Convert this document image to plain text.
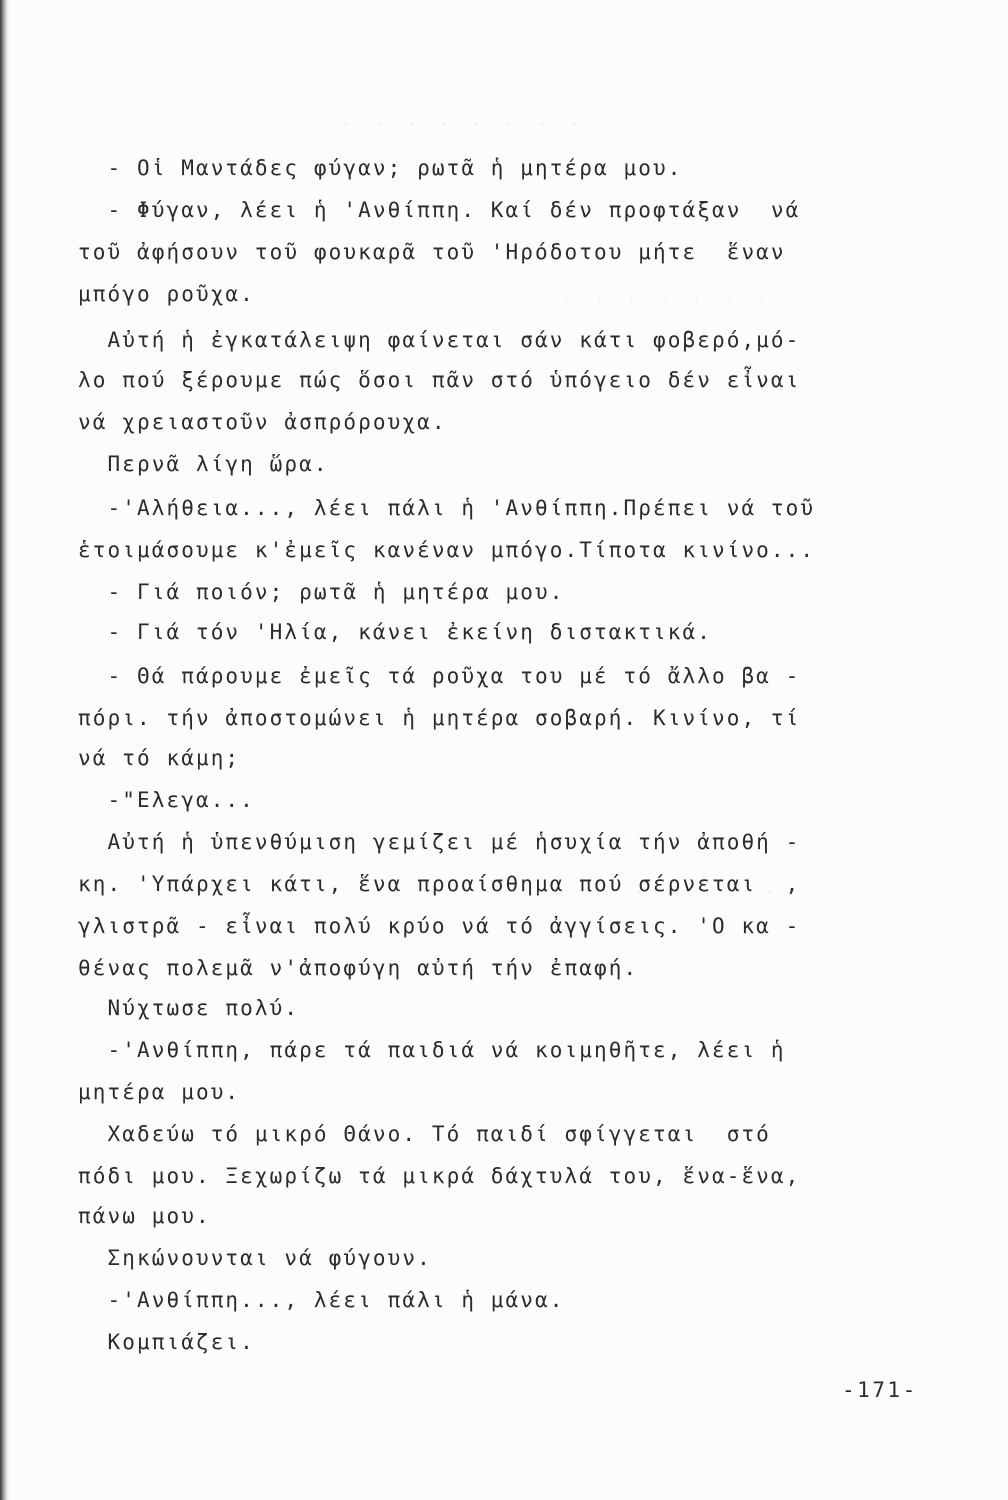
- Οἱ Μαντάδες φύγαν; ρωτᾶ ἡ μητέρα μου.
- Φύγαν, λέει ἡ 'Ανθίππη. Καί δέν προφτάξαν  νά
τοῦ ἀφήσουν τοῦ φουκαρᾶ τοῦ 'Ηρόδοτου μήτε  ἕναν
μπόγο ροῦχα.
Αὐτή ἡ ἐγκατάλειψη φαίνεται σάν κάτι φοβερό,μό-
λο πού ξέρουμε πώς ὅσοι πᾶν στό ὑπόγειο δέν εἶναι
νά χρειαστοῦν ἀσπρόρουχα.
Περνᾶ λίγη ὥρα.
-'Αλήθεια..., λέει πάλι ἡ 'Ανθίππη.Πρέπει νά τοῦ
ἑτοιμάσουμε κ'ἐμεῖς κανέναν μπόγο.Τίποτα κινίνο...
- Γιά ποιόν; ρωτᾶ ἡ μητέρα μου.
- Γιά τόν 'Ηλία, κάνει ἐκείνη διστακτικά.
- Θά πάρουμε ἐμεῖς τά ροῦχα του μέ τό ἄλλο βα -
πόρι. τήν ἀποστομώνει ἡ μητέρα σοβαρή. Κινίνο, τί
νά τό κάμη;
-"Ελεγα...
Αὐτή ἡ ὑπενθύμιση γεμίζει μέ ἡσυχία τήν ἀποθή -
κη. 'Υπάρχει κάτι, ἕνα προαίσθημα πού σέρνεται  ,
γλιστρᾶ - εἶναι πολύ κρύο νά τό ἀγγίσεις. 'Ο κα -
θένας πολεμᾶ ν'ἀποφύγη αὐτή τήν ἐπαφή.
Νύχτωσε πολύ.
-'Ανθίππη, πάρε τά παιδιά νά κοιμηθῆτε, λέει ἡ
μητέρα μου.
Χαδεύω τό μικρό Θάνο. Τό παιδί σφίγγεται  στό
πόδι μου. Ξεχωρίζω τά μικρά δάχτυλά του, ἕνα-ἕνα,
πάνω μου.
Σηκώνουνται νά φύγουν.
-'Ανθίππη..., λέει πάλι ἡ μάνα.
Κομπιάζει.
-171-
